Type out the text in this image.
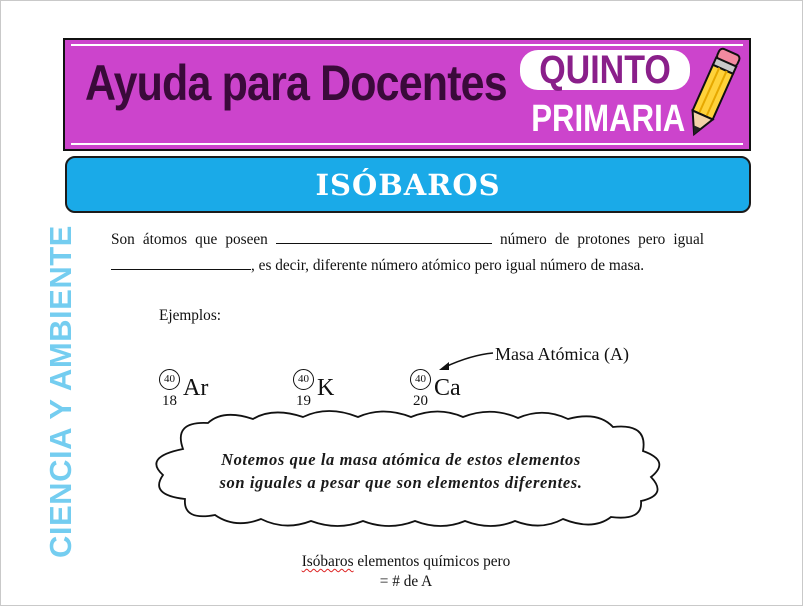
Ayuda para Docentes QUINTO
PRIMARIA
ISÓBAROS
CIENCIA Y AMBIENTE	Son átomos que poseen	número de protones pero igual, es decir, diferente número atómico pero igual número de masa.
Ejemplos:
40
18 Ar	40
19 K	40
20 Ca
Masa Atómica (A)
Notemos que la masa atómica de estos elementos
son iguales a pesar que son elementos diferentes.
Isóbaros elementos químicos pero
= # de A
